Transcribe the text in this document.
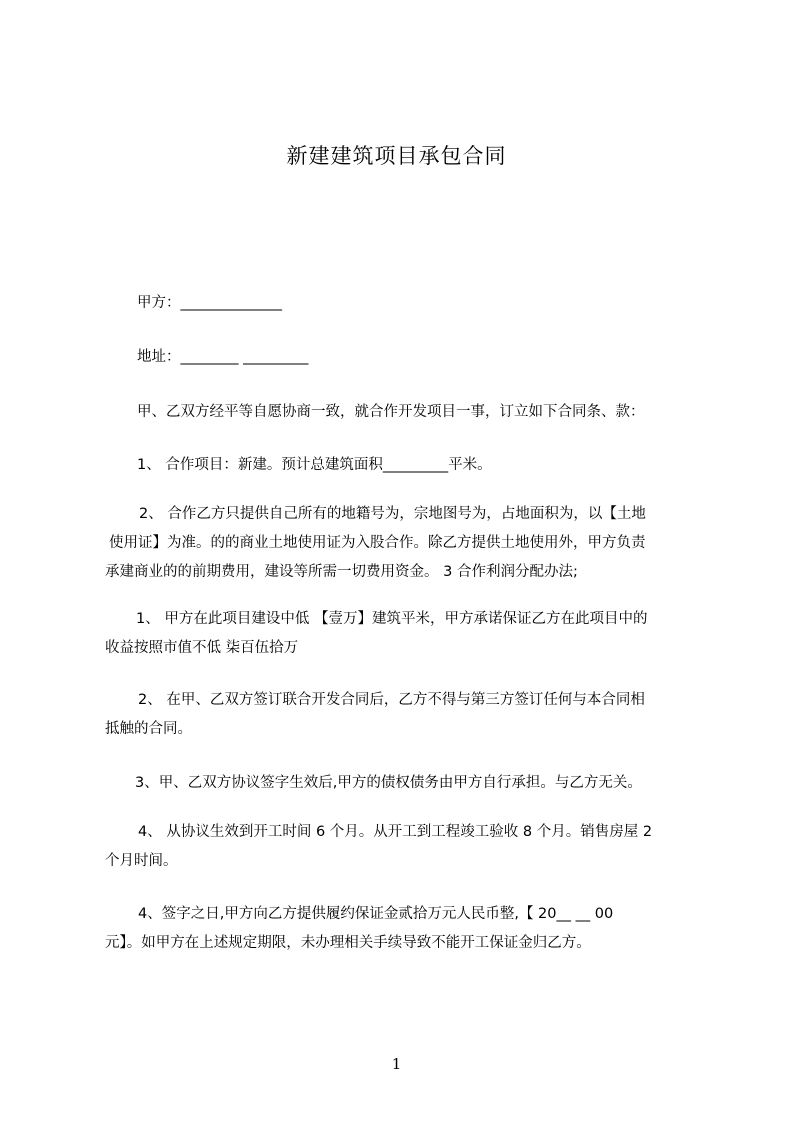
新建建筑项目承包合同
甲方：______________
地址：________ _________
甲、乙双方经平等自愿协商一致，就合作开发项目一事，订立如下合同条、款：
1、 合作项目：新建。预计总建筑面积_________平米。
2、 合作乙方只提供自己所有的地籍号为，宗地图号为，占地面积为，以【土地
使用证】为准。的的商业土地使用证为入股合作。除乙方提供土地使用外，甲方负责
承建商业的的前期费用，建设等所需一切费用资金。 3 合作利润分配办法;
1、 甲方在此项目建设中低 【壹万】建筑平米，甲方承诺保证乙方在此项目中的
收益按照市值不低 柒百伍拾万
2、 在甲、乙双方签订联合开发合同后，乙方不得与第三方签订任何与本合同相
抵触的合同。
3、甲、乙双方协议签字生效后,甲方的债权债务由甲方自行承担。与乙方无关。
4、 从协议生效到开工时间 6 个月。从开工到工程竣工验收 8 个月。销售房屋 2
个月时间。
4、签字之日,甲方向乙方提供履约保证金贰拾万元人民币整,【 20__ __ 00
元】。如甲方在上述规定期限，未办理相关手续导致不能开工保证金归乙方。
1
